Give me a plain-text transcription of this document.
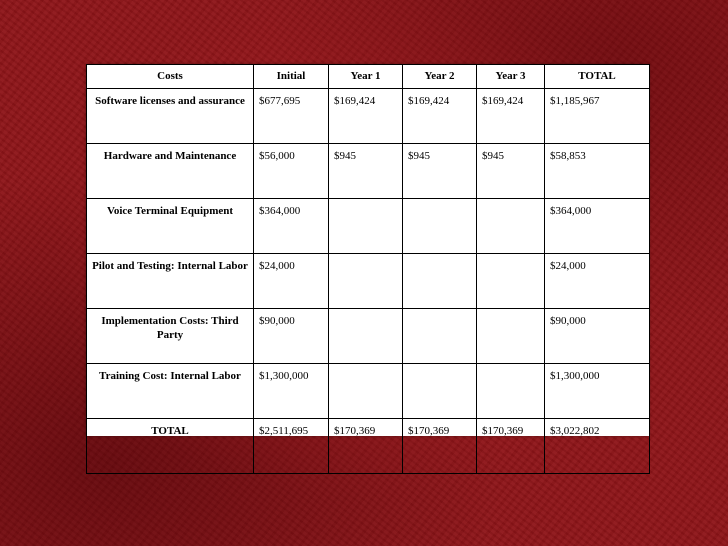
Costs	Initial	Year 1	Year 2	Year 3	TOTAL
Software licenses and assurance	$677,695	$169,424	$169,424	$169,424	$1,185,967
Hardware and Maintenance	$56,000	$945	$945	$945	$58,853
Voice Terminal Equipment	$364,000				$364,000
Pilot and Testing: Internal Labor	$24,000				$24,000
Implementation Costs: Third Party	$90,000				$90,000
Training Cost: Internal Labor	$1,300,000				$1,300,000
TOTAL	$2,511,695	$170,369	$170,369	$170,369	$3,022,802
